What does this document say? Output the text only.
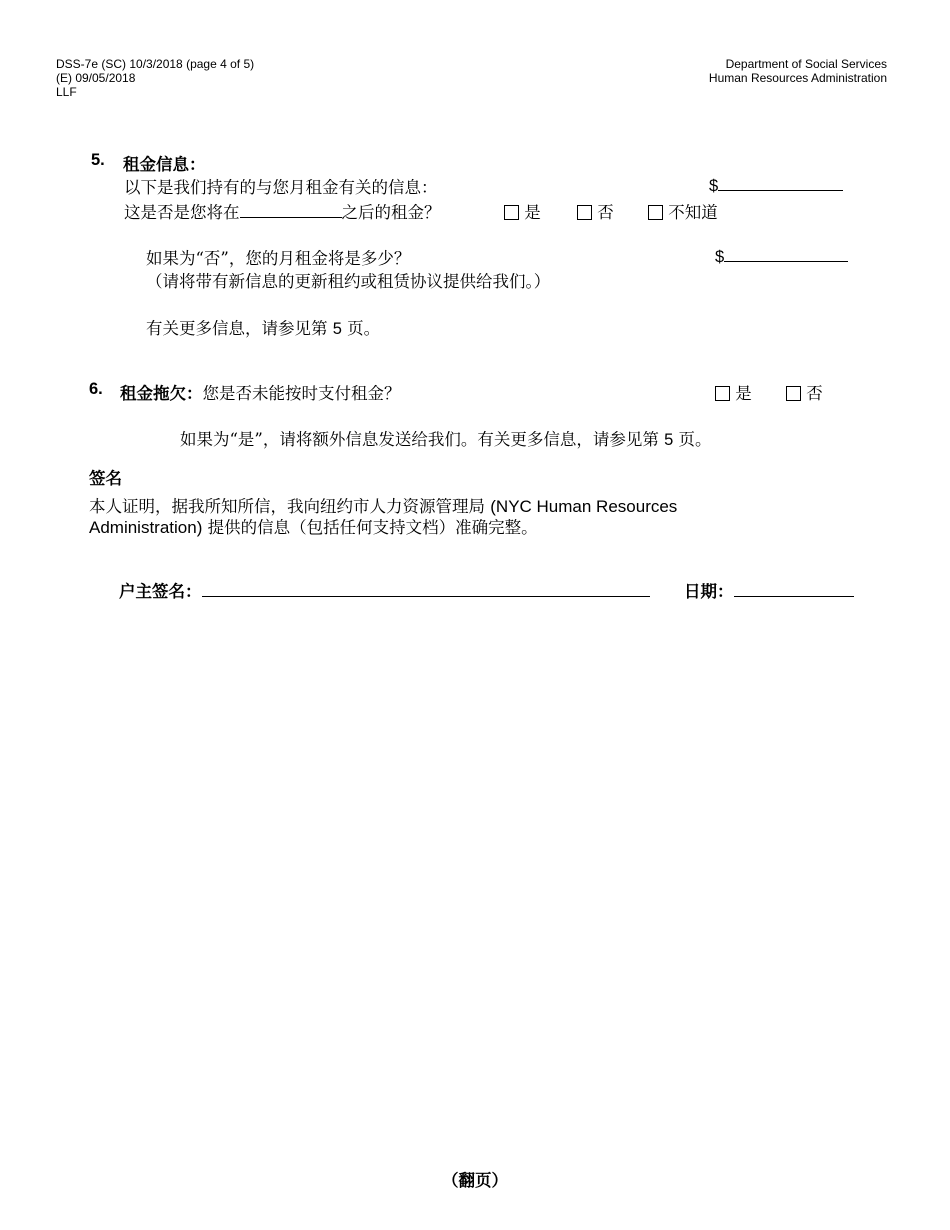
DSS-7e (SC) 10/3/2018 (page 4 of 5)
(E) 09/05/2018
LLF
Department of Social Services
Human Resources Administration
5. 租金信息：
以下是我们持有的与您月租金有关的信息：	$
这是否是您将在	之后的租金？	是	否	不知道
如果为“否”，您的月租金将是多少？	$
（请将带有新信息的更新租约或租赁协议提供给我们。）
有关更多信息，请参见第 5 页。
6. 租金拖欠：您是否未能按时支付租金？	是	否
如果为“是”，请将额外信息发送给我们。有关更多信息，请参见第 5 页。
签名
本人证明，据我所知所信，我向纽约市人力资源管理局 (NYC Human Resources
Administration) 提供的信息（包括任何支持文档）准确完整。
户主签名：	日期：
（翻页）
